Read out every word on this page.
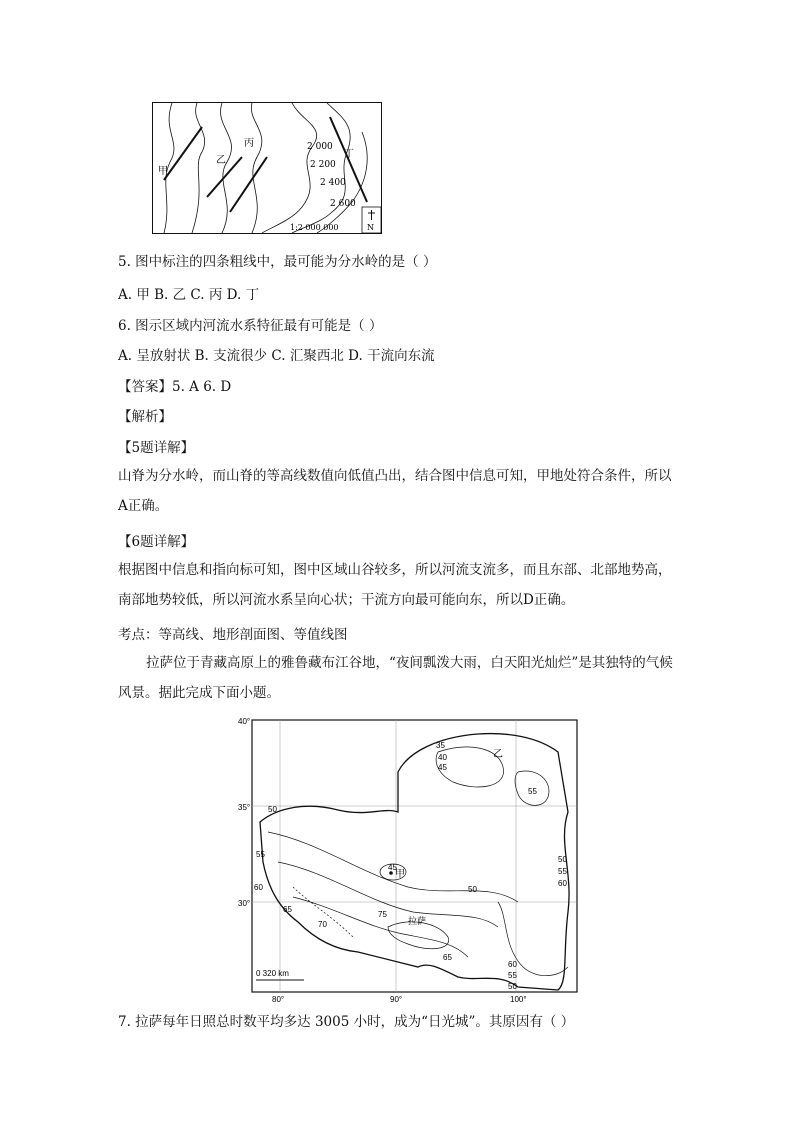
甲
乙
丙
丁
2 000
2 200
2 400
2 600
1:2 000 000	N
5. 图中标注的四条粗线中，最可能为分水岭的是（ ）
A. 甲 B. 乙 C. 丙 D. 丁
6. 图示区域内河流水系特征最有可能是（ ）
A. 呈放射状 B. 支流很少 C. 汇聚西北 D. 干流向东流
【答案】5. A 6. D
【解析】
【5题详解】
山脊为分水岭，而山脊的等高线数值向低值凸出，结合图中信息可知，甲地处符合条件，所以A正确。
【6题详解】
根据图中信息和指向标可知，图中区域山谷较多，所以河流支流多，而且东部、北部地势高，南部地势较低，所以河流水系呈向心状；干流方向最可能向东，所以D正确。
考点：等高线、地形剖面图、等值线图
拉萨位于青藏高原上的雅鲁藏布江谷地，“夜间瓢泼大雨，白天阳光灿烂”是其独特的气候风景。据此完成下面小题。
40°
35°
30°
80°	90°	100°
0 320 km
甲
乙
拉萨
35
40
45
55
50
55
60
65
70
75
45
50
50
55
60
60
55
50
65
7. 拉萨每年日照总时数平均多达 3005 小时，成为“日光城”。其原因有（ ）
